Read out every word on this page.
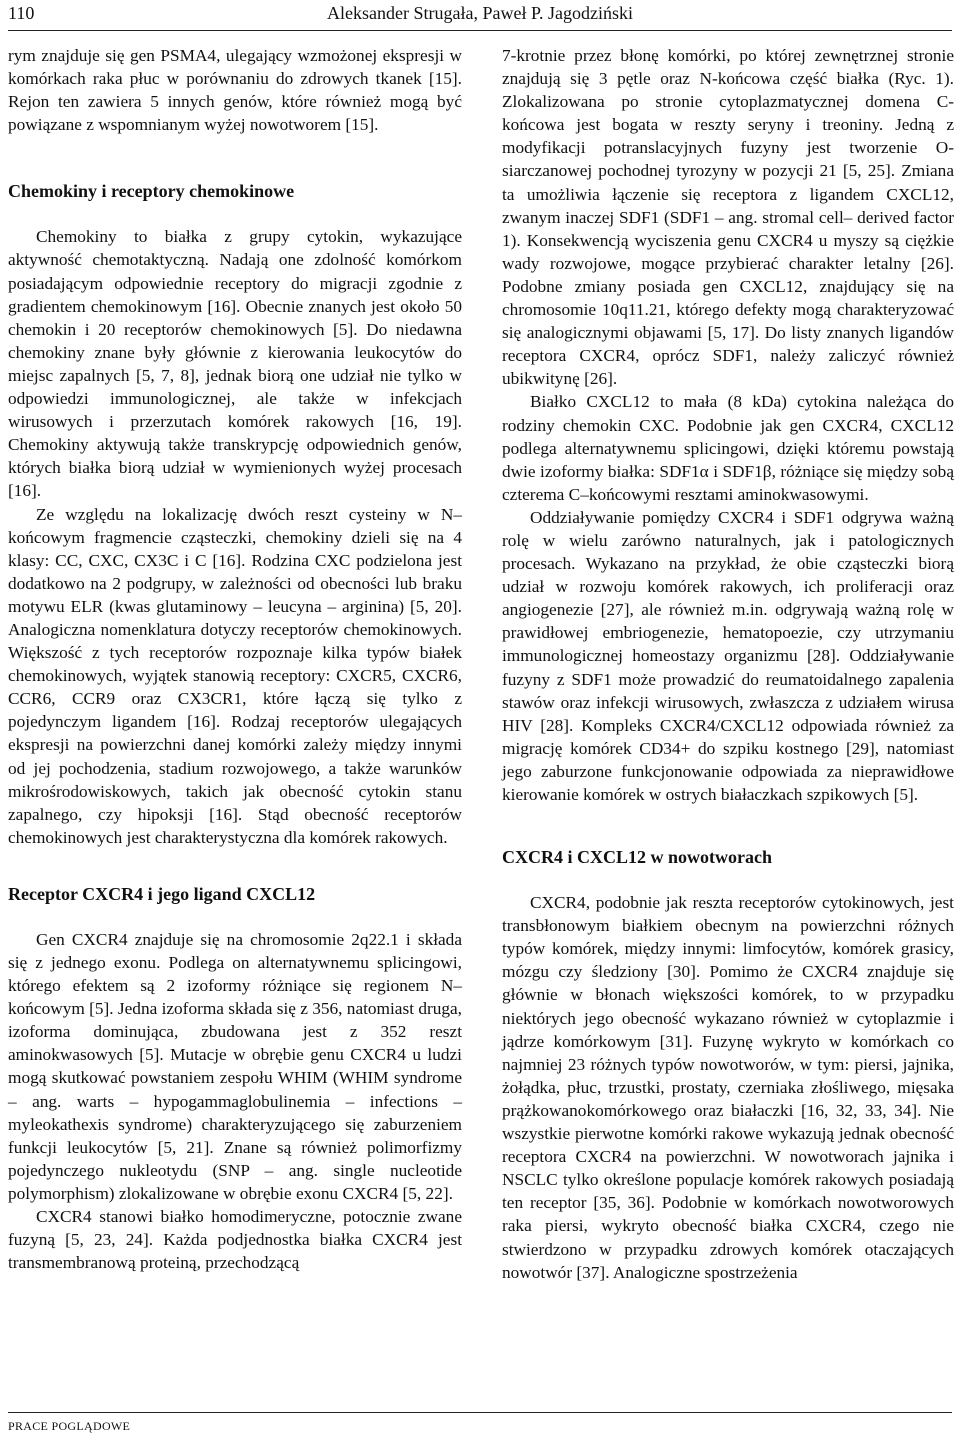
110	Aleksander Strugała, Paweł P. Jagodziński

rym znajduje się gen PSMA4, ulegający wzmożonej ekspresji w komórkach raka płuc w porównaniu do zdrowych tkanek [15]. Rejon ten zawiera 5 innych genów, które również mogą być powiązane z wspomnianym wyżej nowotworem [15].

Chemokiny i receptory chemokinowe

Chemokiny to białka z grupy cytokin, wykazujące aktywność chemotaktyczną. Nadają one zdolność komórkom posiadającym odpowiednie receptory do migracji zgodnie z gradientem chemokinowym [16]. Obecnie znanych jest około 50 chemokin i 20 receptorów chemokinowych [5]. Do niedawna chemokiny znane były głównie z kierowania leukocytów do miejsc zapalnych [5, 7, 8], jednak biorą one udział nie tylko w odpowiedzi immunologicznej, ale także w infekcjach wirusowych i przerzutach komórek rakowych [16, 19]. Chemokiny aktywują także transkrypcję odpowiednich genów, których białka biorą udział w wymienionych wyżej procesach [16].

Ze względu na lokalizację dwóch reszt cysteiny w N–końcowym fragmencie cząsteczki, chemokiny dzieli się na 4 klasy: CC, CXC, CX3C i C [16]. Rodzina CXC podzielona jest dodatkowo na 2 podgrupy, w zależności od obecności lub braku motywu ELR (kwas glutaminowy – leucyna – arginina) [5, 20]. Analogiczna nomenklatura dotyczy receptorów chemokinowych. Większość z tych receptorów rozpoznaje kilka typów białek chemokinowych, wyjątek stanowią receptory: CXCR5, CXCR6, CCR6, CCR9 oraz CX3CR1, które łączą się tylko z pojedynczym ligandem [16]. Rodzaj receptorów ulegających ekspresji na powierzchni danej komórki zależy między innymi od jej pochodzenia, stadium rozwojowego, a także warunków mikrośrodowiskowych, takich jak obecność cytokin stanu zapalnego, czy hipoksji [16]. Stąd obecność receptorów chemokinowych jest charakterystyczna dla komórek rakowych.

Receptor CXCR4 i jego ligand CXCL12

Gen CXCR4 znajduje się na chromosomie 2q22.1 i składa się z jednego exonu. Podlega on alternatywnemu splicingowi, którego efektem są 2 izoformy różniące się regionem N– końcowym [5]. Jedna izoforma składa się z 356, natomiast druga, izoforma dominująca, zbudowana jest z 352 reszt aminokwasowych [5]. Mutacje w obrębie genu CXCR4 u ludzi mogą skutkować powstaniem zespołu WHIM (WHIM syndrome – ang. warts – hypogammaglobulinemia – infections – myleokathexis syndrome) charakteryzującego się zaburzeniem funkcji leukocytów [5, 21]. Znane są również polimorfizmy pojedynczego nukleotydu (SNP – ang. single nucleotide polymorphism) zlokalizowane w obrębie exonu CXCR4 [5, 22].

CXCR4 stanowi białko homodimeryczne, potocznie zwane fuzyną [5, 23, 24]. Każda podjednostka białka CXCR4 jest transmembranową proteiną, przechodzącą

7-krotnie przez błonę komórki, po której zewnętrznej stronie znajdują się 3 pętle oraz N-końcowa część białka (Ryc. 1). Zlokalizowana po stronie cytoplazmatycznej domena C-końcowa jest bogata w reszty seryny i treoniny. Jedną z modyfikacji potranslacyjnych fuzyny jest tworzenie O-siarczanowej pochodnej tyrozyny w pozycji 21 [5, 25]. Zmiana ta umożliwia łączenie się receptora z ligandem CXCL12, zwanym inaczej SDF1 (SDF1 – ang. stromal cell– derived factor 1). Konsekwencją wyciszenia genu CXCR4 u myszy są ciężkie wady rozwojowe, mogące przybierać charakter letalny [26]. Podobne zmiany posiada gen CXCL12, znajdujący się na chromosomie 10q11.21, którego defekty mogą charakteryzować się analogicznymi objawami [5, 17]. Do listy znanych ligandów receptora CXCR4, oprócz SDF1, należy zaliczyć również ubikwitynę [26].

Białko CXCL12 to mała (8 kDa) cytokina należąca do rodziny chemokin CXC. Podobnie jak gen CXCR4, CXCL12 podlega alternatywnemu splicingowi, dzięki któremu powstają dwie izoformy białka: SDF1α i SDF1β, różniące się między sobą czterema C–końcowymi resztami aminokwasowymi.

Oddziaływanie pomiędzy CXCR4 i SDF1 odgrywa ważną rolę w wielu zarówno naturalnych, jak i patologicznych procesach. Wykazano na przykład, że obie cząsteczki biorą udział w rozwoju komórek rakowych, ich proliferacji oraz angiogenezie [27], ale również m.in. odgrywają ważną rolę w prawidłowej embriogenezie, hematopoezie, czy utrzymaniu immunologicznej homeostazy organizmu [28]. Oddziaływanie fuzyny z SDF1 może prowadzić do reumatoidalnego zapalenia stawów oraz infekcji wirusowych, zwłaszcza z udziałem wirusa HIV [28]. Kompleks CXCR4/CXCL12 odpowiada również za migrację komórek CD34+ do szpiku kostnego [29], natomiast jego zaburzone funkcjonowanie odpowiada za nieprawidłowe kierowanie komórek w ostrych białaczkach szpikowych [5].

CXCR4 i CXCL12 w nowotworach

CXCR4, podobnie jak reszta receptorów cytokinowych, jest transbłonowym białkiem obecnym na powierzchni różnych typów komórek, między innymi: limfocytów, komórek grasicy, mózgu czy śledziony [30]. Pomimo że CXCR4 znajduje się głównie w błonach większości komórek, to w przypadku niektórych jego obecność wykazano również w cytoplazmie i jądrze komórkowym [31]. Fuzynę wykryto w komórkach co najmniej 23 różnych typów nowotworów, w tym: piersi, jajnika, żołądka, płuc, trzustki, prostaty, czerniaka złośliwego, mięsaka prążkowanokomórkowego oraz białaczki [16, 32, 33, 34]. Nie wszystkie pierwotne komórki rakowe wykazują jednak obecność receptora CXCR4 na powierzchni. W nowotworach jajnika i NSCLC tylko określone populacje komórek rakowych posiadają ten receptor [35, 36]. Podobnie w komórkach nowotworowych raka piersi, wykryto obecność białka CXCR4, czego nie stwierdzono w przypadku zdrowych komórek otaczających nowotwór [37]. Analogiczne spostrzeżenia

PRACE POGLĄDOWE
